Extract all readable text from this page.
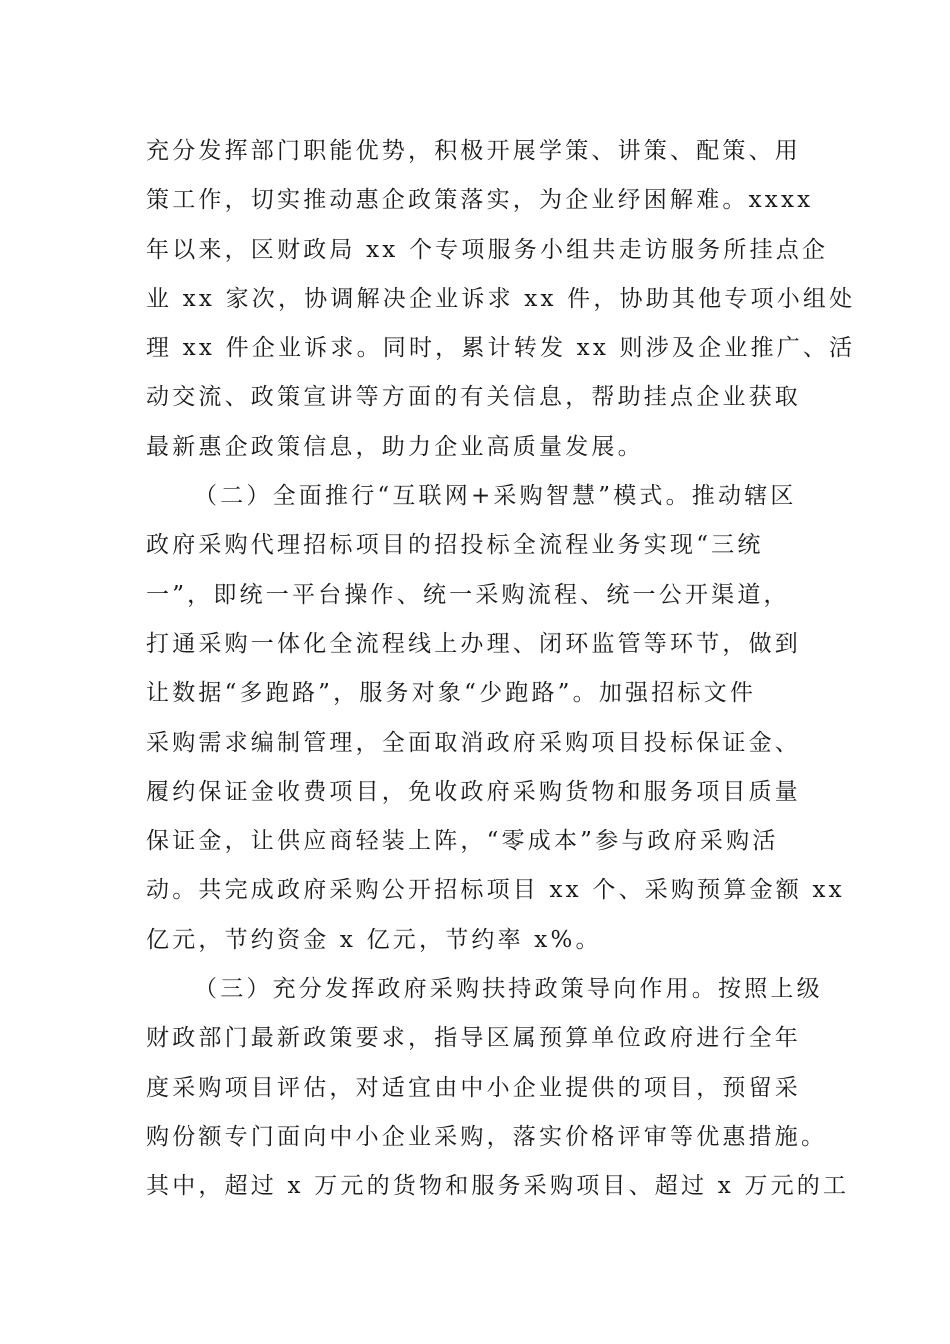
充分发挥部门职能优势，积极开展学策、讲策、配策、用
策工作，切实推动惠企政策落实，为企业纾困解难。xxxx
年以来，区财政局 xx 个专项服务小组共走访服务所挂点企
业 xx 家次，协调解决企业诉求 xx 件，协助其他专项小组处
理 xx 件企业诉求。同时，累计转发 xx 则涉及企业推广、活
动交流、政策宣讲等方面的有关信息，帮助挂点企业获取
最新惠企政策信息，助力企业高质量发展。
（二）全面推行“互联网+采购智慧”模式。推动辖区
政府采购代理招标项目的招投标全流程业务实现“三统
一”，即统一平台操作、统一采购流程、统一公开渠道，
打通采购一体化全流程线上办理、闭环监管等环节，做到
让数据“多跑路”，服务对象“少跑路”。加强招标文件
采购需求编制管理，全面取消政府采购项目投标保证金、
履约保证金收费项目，免收政府采购货物和服务项目质量
保证金，让供应商轻装上阵，“零成本”参与政府采购活
动。共完成政府采购公开招标项目 xx 个、采购预算金额 xx
亿元，节约资金 x 亿元，节约率 x%。
（三）充分发挥政府采购扶持政策导向作用。按照上级
财政部门最新政策要求，指导区属预算单位政府进行全年
度采购项目评估，对适宜由中小企业提供的项目，预留采
购份额专门面向中小企业采购，落实价格评审等优惠措施。
其中，超过 x 万元的货物和服务采购项目、超过 x 万元的工
